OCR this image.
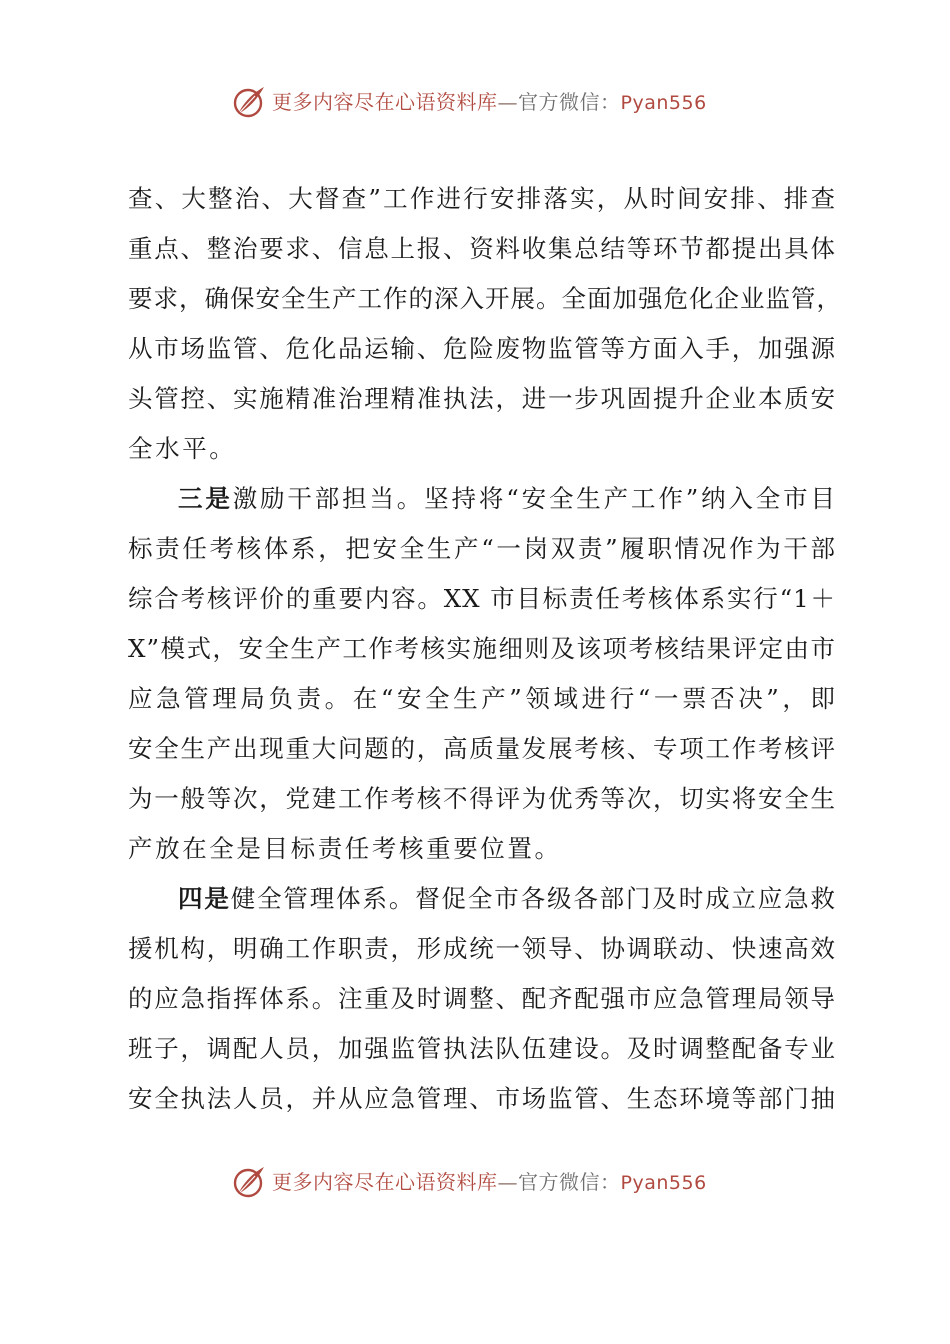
更多内容尽在心语资料库—官方微信：Pyan556
查、大整治、大督查”工作进行安排落实，从时间安排、排查
重点、整治要求、信息上报、资料收集总结等环节都提出具体
要求，确保安全生产工作的深入开展。全面加强危化企业监管，
从市场监管、危化品运输、危险废物监管等方面入手，加强源
头管控、实施精准治理精准执法，进一步巩固提升企业本质安
全水平。
三是激励干部担当。坚持将“安全生产工作”纳入全市目
标责任考核体系，把安全生产“一岗双责”履职情况作为干部
综合考核评价的重要内容。XX 市目标责任考核体系实行“1＋
X”模式，安全生产工作考核实施细则及该项考核结果评定由市
应急管理局负责。在“安全生产”领域进行“一票否决”，即
安全生产出现重大问题的，高质量发展考核、专项工作考核评
为一般等次，党建工作考核不得评为优秀等次，切实将安全生
产放在全是目标责任考核重要位置。
四是健全管理体系。督促全市各级各部门及时成立应急救
援机构，明确工作职责，形成统一领导、协调联动、快速高效
的应急指挥体系。注重及时调整、配齐配强市应急管理局领导
班子，调配人员，加强监管执法队伍建设。及时调整配备专业
安全执法人员，并从应急管理、市场监管、生态环境等部门抽
更多内容尽在心语资料库—官方微信：Pyan556
